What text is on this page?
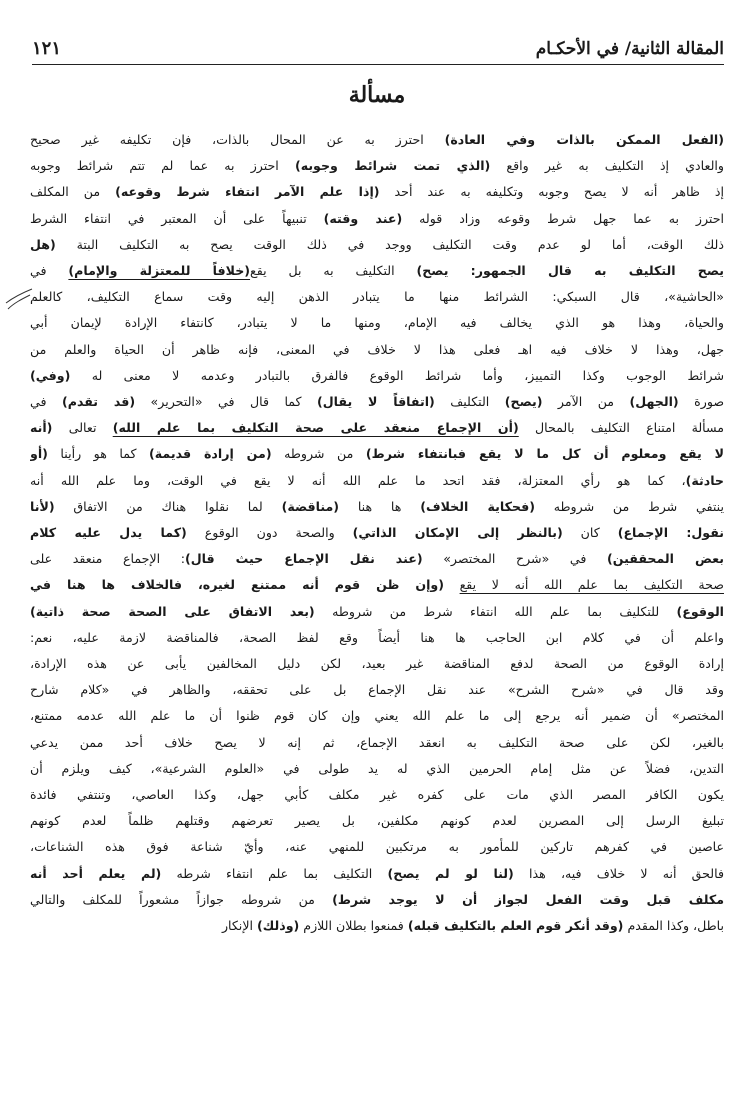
المقالة الثانية/ في الأحكـام
١٢١
مسألة
(الفعل الممكن بالذات وفي العادة) احترز به عن المحال بالذات، فإن تكليفه غير صحيح
والعادي إذ التكليف به غير واقع (الذي تمت شرائط وجوبه) احترز به عما لم تتم شرائط وجوبه
إذ ظاهر أنه لا يصح وجوبه وتكليفه به عند أحد (إذا علم الآمر انتفاء شرط وقوعه) من المكلف
احترز به عما جهل شرط وقوعه وزاد قوله (عند وقته) تنبيهاً على أن المعتبر في انتفاء الشرط
ذلك الوقت، أما لو عدم وقت التكليف ووجد في ذلك الوقت يصح به التكليف البتة (هل
يصح التكليف به قال الجمهور: يصح) التكليف به بل يقع(خلافاً للمعتزلة والإمام) في
«الحاشية»، قال السبكي: الشرائط منها ما يتبادر الذهن إليه وقت سماع التكليف، كالعلم
والحياة، وهذا هو الذي يخالف فيه الإمام، ومنها ما لا يتبادر، كانتفاء الإرادة لإيمان أبي
جهل، وهذا لا خلاف فيه اهـ فعلى هذا لا خلاف في المعنى، فإنه ظاهر أن الحياة والعلم من
شرائط الوجوب وكذا التمييز، وأما شرائط الوقوع فالفرق بالتبادر وعدمه لا معنى له (وفي)
صورة (الجهل) من الآمر (يصح) التكليف (اتفاقاً لا يقال) كما قال في «التحرير» (قد تقدم) في
مسألة امتناع التكليف بالمحال (أن الإجماع منعقد على صحة التكليف بما علم الله) تعالى (أنه
لا يقع ومعلوم أن كل ما لا يقع فبانتفاء شرط) من شروطه (من إرادة قديمة) كما هو رأينا (أو
حادثة)، كما هو رأي المعتزلة، فقد اتحد ما علم الله أنه لا يقع في الوقت، وما علم الله أنه
ينتفي شرط من شروطه (فحكاية الخلاف) ها هنا (مناقضة) لما نقلوا هناك من الاتفاق (لأنا
نقول: الإجماع) كان (بالنظر إلى الإمكان الذاتي) والصحة دون الوقوع (كما يدل عليه كلام
بعض المحققين) في «شرح المختصر» (عند نقل الإجماع حيث قال): الإجماع منعقد على
صحة التكليف بما علم الله أنه لا يقع (وإن ظن قوم أنه ممتنع لغيره، فالخلاف ها هنا في
الوقوع) للتكليف بما علم الله انتفاء شرط من شروطه (بعد الاتفاق على الصحة صحة ذاتية)
واعلم أن في كلام ابن الحاجب ها هنا أيضاً وقع لفظ الصحة، فالمناقضة لازمة عليه، نعم:
إرادة الوقوع من الصحة لدفع المناقضة غير بعيد، لكن دليل المخالفين يأبى عن هذه الإرادة،
وقد قال في «شرح الشرح» عند نقل الإجماع بل على تحققه، والظاهر في «كلام شارح
المختصر» أن ضمير أنه يرجع إلى ما علم الله يعني وإن كان قوم ظنوا أن ما علم الله عدمه ممتنع،
بالغير، لكن على صحة التكليف به انعقد الإجماع، ثم إنه لا يصح خلاف أحد ممن يدعي
التدين، فضلاً عن مثل إمام الحرمين الذي له يد طولى في «العلوم الشرعية»، كيف ويلزم أن
يكون الكافر المصر الذي مات على كفره غير مكلف كأبي جهل، وكذا العاصي، وتنتفي فائدة
تبليغ الرسل إلى المصرين لعدم كونهم مكلفين، بل يصير تعرضهم وقتلهم ظلماً لعدم كونهم
عاصين في كفرهم تاركين للمأمور به مرتكبين للمنهي عنه، وأيّ شناعة فوق هذه الشناعات،
فالحق أنه لا خلاف فيه، هذا (لنا لو لم يصح) التكليف بما علم انتفاء شرطه (لم يعلم أحد أنه
مكلف قبل وقت الفعل لجواز أن لا يوجد شرط) من شروطه جوازاً مشعوراً للمكلف والتالي
باطل، وكذا المقدم (وقد أنكر قوم العلم بالتكليف قبله) فمنعوا بطلان اللازم (وذلك) الإنكار
